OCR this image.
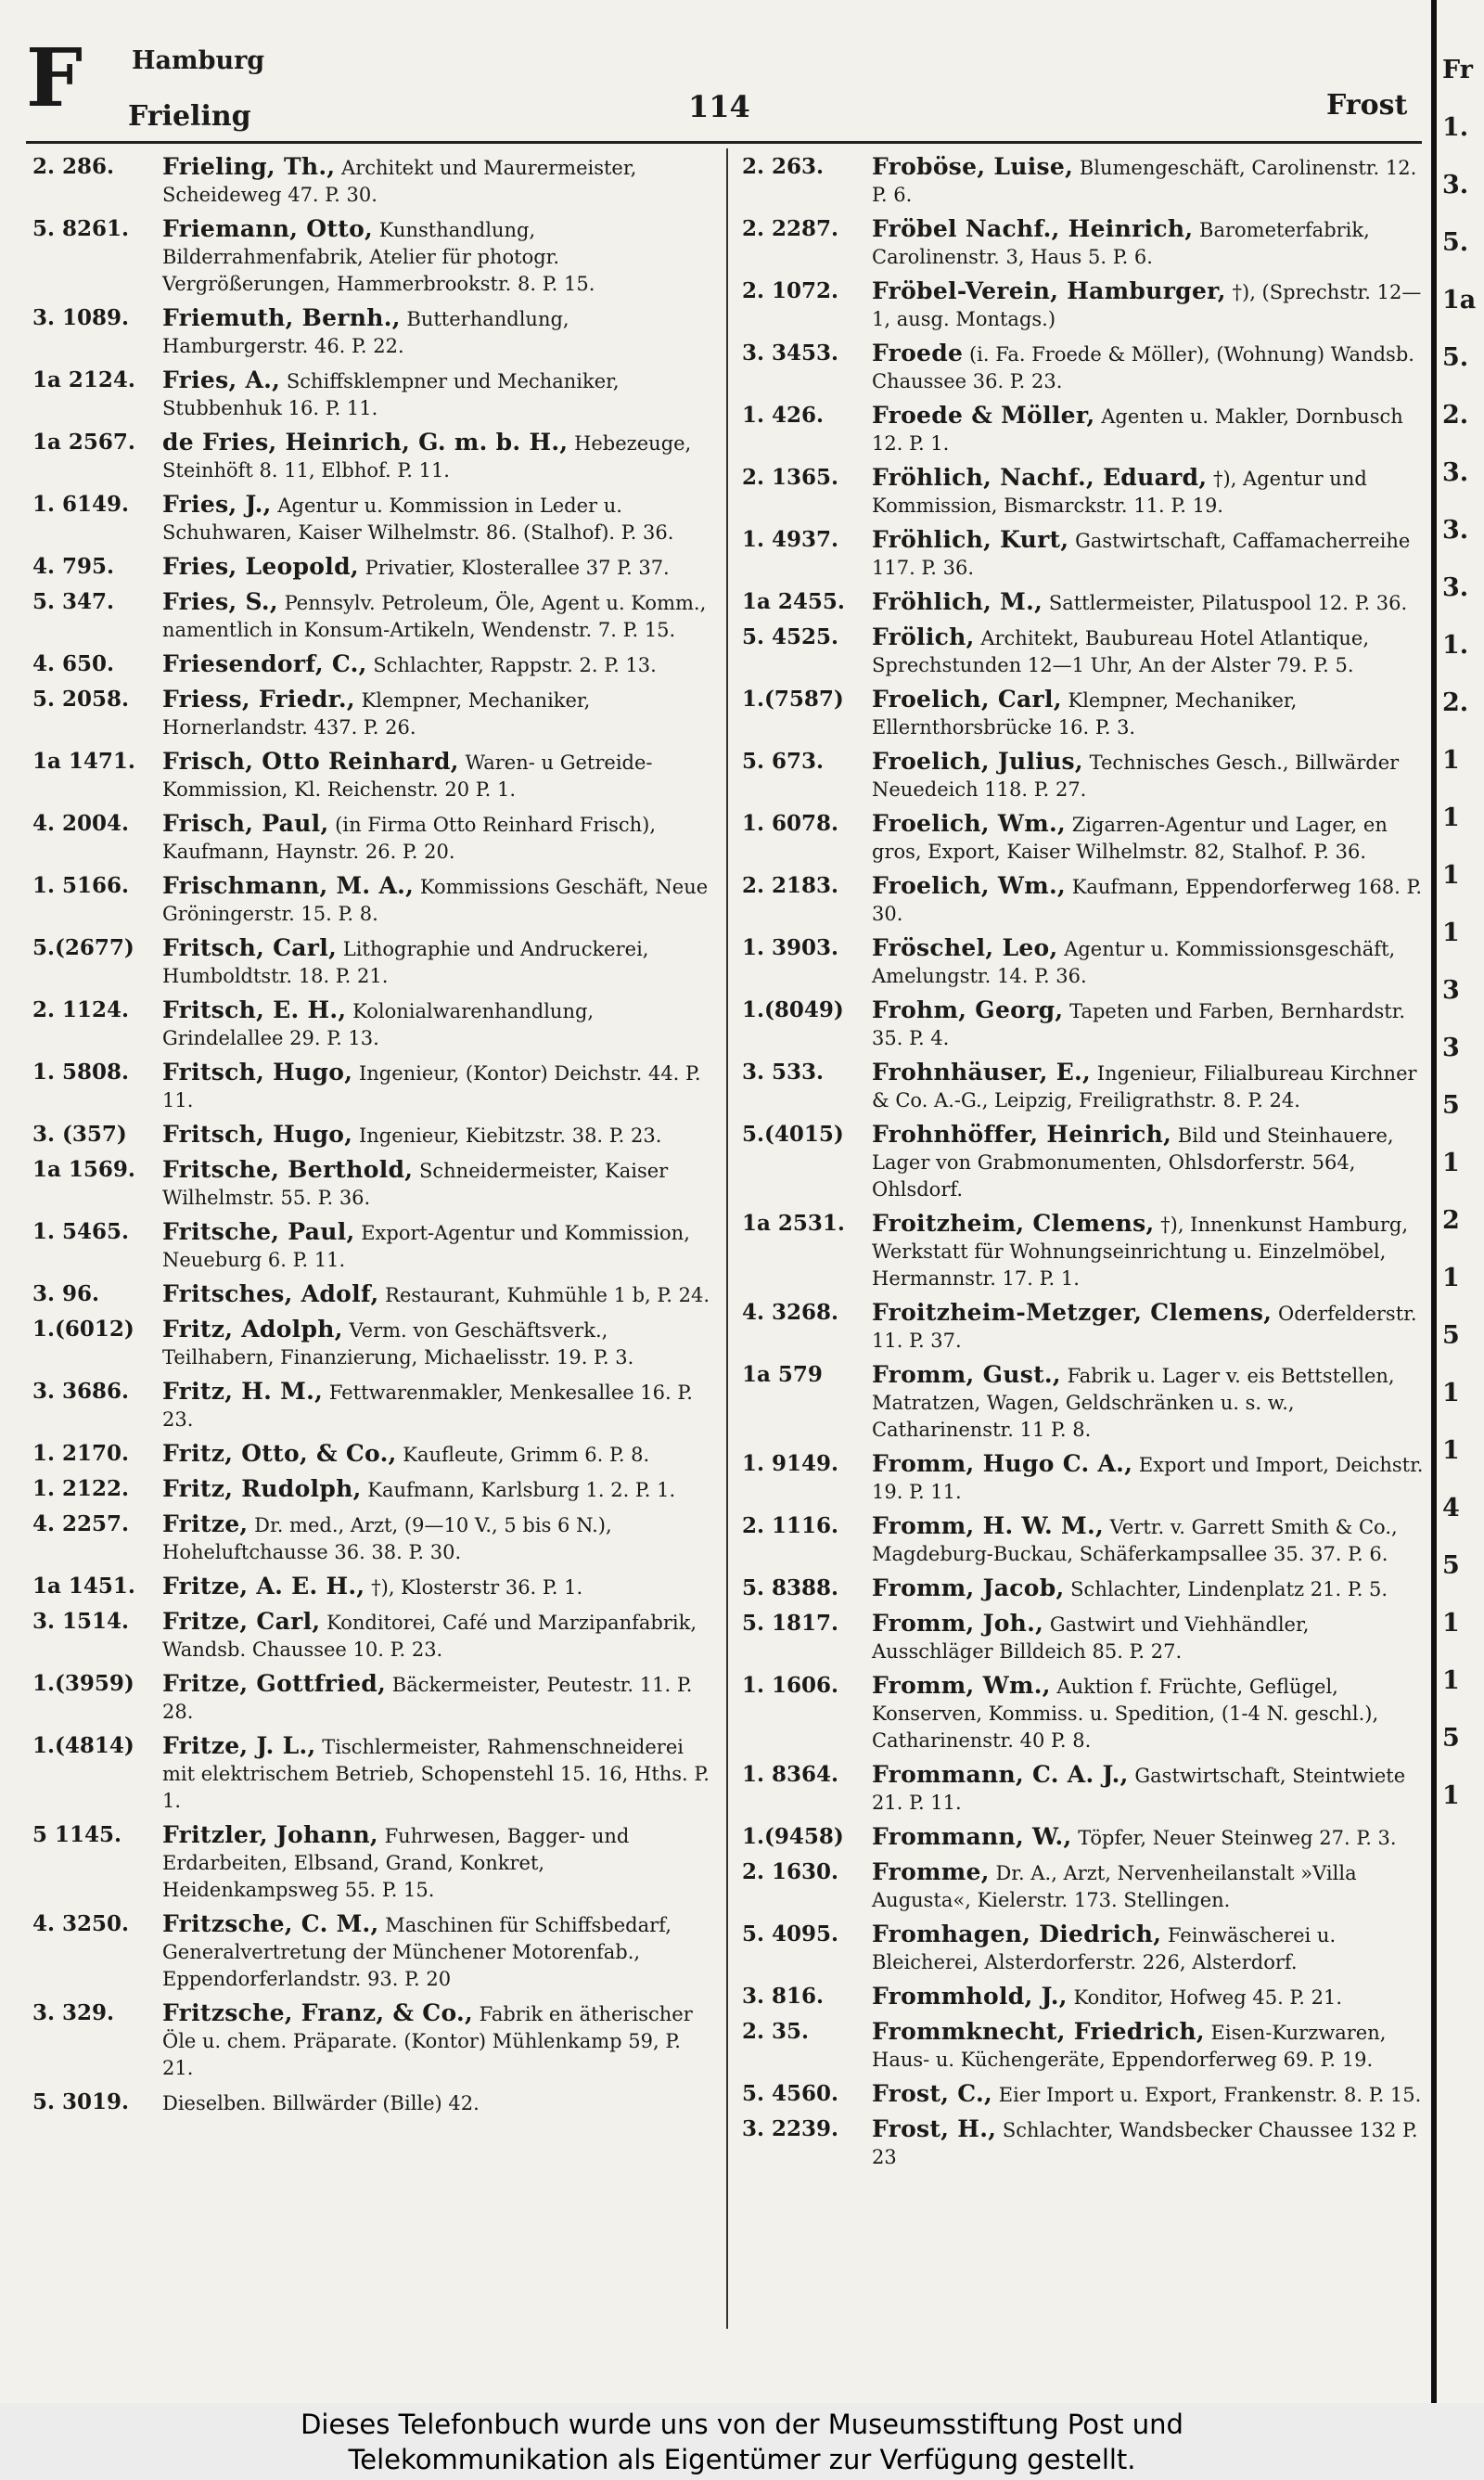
F Hamburg
Frieling	114	Frost
2. 286.	Frieling, Th., Architekt und Maurermeister, Scheideweg 47. P. 30.
5. 8261.	Friemann, Otto, Kunsthandlung, Bilderrahmenfabrik, Atelier für photogr. Vergrößerungen, Hammerbrookstr. 8. P. 15.
3. 1089.	Friemuth, Bernh., Butterhandlung, Hamburgerstr. 46. P. 22.
1a 2124.	Fries, A., Schiffsklempner und Mechaniker, Stubbenhuk 16. P. 11.
1a 2567.	de Fries, Heinrich, G. m. b. H., Hebezeuge, Steinhöft 8. 11, Elbhof. P. 11.
1. 6149.	Fries, J., Agentur u. Kommission in Leder u. Schuhwaren, Kaiser Wilhelmstr. 86. (Stalhof). P. 36.
4. 795.	Fries, Leopold, Privatier, Klosterallee 37 P. 37.
5. 347.	Fries, S., Pennsylv. Petroleum, Öle, Agent u. Komm., namentlich in Konsum-Artikeln, Wendenstr. 7. P. 15.
4. 650.	Friesendorf, C., Schlachter, Rappstr. 2. P. 13.
5. 2058.	Friess, Friedr., Klempner, Mechaniker, Hornerlandstr. 437. P. 26.
1a 1471.	Frisch, Otto Reinhard, Waren- u Getreide-Kommission, Kl. Reichenstr. 20 P. 1.
4. 2004.	Frisch, Paul, (in Firma Otto Reinhard Frisch), Kaufmann, Haynstr. 26. P. 20.
1. 5166.	Frischmann, M. A., Kommissions Geschäft, Neue Gröningerstr. 15. P. 8.
5.(2677)	Fritsch, Carl, Lithographie und Andruckerei, Humboldtstr. 18. P. 21.
2. 1124.	Fritsch, E. H., Kolonialwarenhandlung, Grindelallee 29. P. 13.
1. 5808.	Fritsch, Hugo, Ingenieur, (Kontor) Deichstr. 44. P. 11.
3. (357)	Fritsch, Hugo, Ingenieur, Kiebitzstr. 38. P. 23.
1a 1569.	Fritsche, Berthold, Schneidermeister, Kaiser Wilhelmstr. 55. P. 36.
1. 5465.	Fritsche, Paul, Export-Agentur und Kommission, Neueburg 6. P. 11.
3. 96.	Fritsches, Adolf, Restaurant, Kuhmühle 1 b, P. 24.
1.(6012)	Fritz, Adolph, Verm. von Geschäftsverk., Teilhabern, Finanzierung, Michaelisstr. 19. P. 3.
3. 3686.	Fritz, H. M., Fettwarenmakler, Menkesallee 16. P. 23.
1. 2170.	Fritz, Otto, & Co., Kaufleute, Grimm 6. P. 8.
1. 2122.	Fritz, Rudolph, Kaufmann, Karlsburg 1. 2. P. 1.
4. 2257.	Fritze, Dr. med., Arzt, (9—10 V., 5 bis 6 N.), Hoheluftchausse 36. 38. P. 30.
1a 1451.	Fritze, A. E. H., †), Klosterstr 36. P. 1.
3. 1514.	Fritze, Carl, Konditorei, Café und Marzipanfabrik, Wandsb. Chaussee 10. P. 23.
1.(3959)	Fritze, Gottfried, Bäckermeister, Peutestr. 11. P. 28.
1.(4814)	Fritze, J. L., Tischlermeister, Rahmenschneiderei mit elektrischem Betrieb, Schopenstehl 15. 16, Hths. P. 1.
5 1145.	Fritzler, Johann, Fuhrwesen, Bagger- und Erdarbeiten, Elbsand, Grand, Konkret, Heidenkampsweg 55. P. 15.
4. 3250.	Fritzsche, C. M., Maschinen für Schiffsbedarf, Generalvertretung der Münchener Motorenfab., Eppendorferlandstr. 93. P. 20
3. 329.	Fritzsche, Franz, & Co., Fabrik en ätherischer Öle u. chem. Präparate. (Kontor) Mühlenkamp 59, P. 21.
5. 3019.	Dieselben. Billwärder (Bille) 42.
2. 263.	Froböse, Luise, Blumengeschäft, Carolinenstr. 12. P. 6.
2. 2287.	Fröbel Nachf., Heinrich, Barometerfabrik, Carolinenstr. 3, Haus 5. P. 6.
2. 1072.	Fröbel-Verein, Hamburger, †), (Sprechstr. 12—1, ausg. Montags.)
3. 3453.	Froede (i. Fa. Froede & Möller), (Wohnung) Wandsb. Chaussee 36. P. 23.
1. 426.	Froede & Möller, Agenten u. Makler, Dornbusch 12. P. 1.
2. 1365.	Fröhlich, Nachf., Eduard, †), Agentur und Kommission, Bismarckstr. 11. P. 19.
1. 4937.	Fröhlich, Kurt, Gastwirtschaft, Caffamacherreihe 117. P. 36.
1a 2455.	Fröhlich, M., Sattlermeister, Pilatuspool 12. P. 36.
5. 4525.	Frölich, Architekt, Baubureau Hotel Atlantique, Sprechstunden 12—1 Uhr, An der Alster 79. P. 5.
1.(7587)	Froelich, Carl, Klempner, Mechaniker, Ellernthorsbrücke 16. P. 3.
5. 673.	Froelich, Julius, Technisches Gesch., Billwärder Neuedeich 118. P. 27.
1. 6078.	Froelich, Wm., Zigarren-Agentur und Lager, en gros, Export, Kaiser Wilhelmstr. 82, Stalhof. P. 36.
2. 2183.	Froelich, Wm., Kaufmann, Eppendorferweg 168. P. 30.
1. 3903.	Fröschel, Leo, Agentur u. Kommissionsgeschäft, Amelungstr. 14. P. 36.
1.(8049)	Frohm, Georg, Tapeten und Farben, Bernhardstr. 35. P. 4.
3. 533.	Frohnhäuser, E., Ingenieur, Filialbureau Kirchner & Co. A.-G., Leipzig, Freiligrathstr. 8. P. 24.
5.(4015)	Frohnhöffer, Heinrich, Bild und Steinhauere, Lager von Grabmonumenten, Ohlsdorferstr. 564, Ohlsdorf.
1a 2531.	Froitzheim, Clemens, †), Innenkunst Hamburg, Werkstatt für Wohnungseinrichtung u. Einzelmöbel, Hermannstr. 17. P. 1.
4. 3268.	Froitzheim-Metzger, Clemens, Oderfelderstr. 11. P. 37.
1a 579	Fromm, Gust., Fabrik u. Lager v. eis Bettstellen, Matratzen, Wagen, Geldschränken u. s. w., Catharinenstr. 11 P. 8.
1. 9149.	Fromm, Hugo C. A., Export und Import, Deichstr. 19. P. 11.
2. 1116.	Fromm, H. W. M., Vertr. v. Garrett Smith & Co., Magdeburg-Buckau, Schäferkampsallee 35. 37. P. 6.
5. 8388.	Fromm, Jacob, Schlachter, Lindenplatz 21. P. 5.
5. 1817.	Fromm, Joh., Gastwirt und Viehhändler, Ausschläger Billdeich 85. P. 27.
1. 1606.	Fromm, Wm., Auktion f. Früchte, Geflügel, Konserven, Kommiss. u. Spedition, (1-4 N. geschl.), Catharinenstr. 40 P. 8.
1. 8364.	Frommann, C. A. J., Gastwirtschaft, Steintwiete 21. P. 11.
1.(9458)	Frommann, W., Töpfer, Neuer Steinweg 27. P. 3.
2. 1630.	Fromme, Dr. A., Arzt, Nervenheilanstalt »Villa Augusta«, Kielerstr. 173. Stellingen.
5. 4095.	Fromhagen, Diedrich, Feinwäscherei u. Bleicherei, Alsterdorferstr. 226, Alsterdorf.
3. 816.	Frommhold, J., Konditor, Hofweg 45. P. 21.
2. 35.	Frommknecht, Friedrich, Eisen-Kurzwaren, Haus- u. Küchengeräte, Eppendorferweg 69. P. 19.
5. 4560.	Frost, C., Eier Import u. Export, Frankenstr. 8. P. 15.
3. 2239.	Frost, H., Schlachter, Wandsbecker Chaussee 132 P. 23
Fr
1.
3.
5.
1a
5.
2.
3.
3.
3.
1.
2.
1
1
1
1
3
3
5
1
2
1
5
1
1
4
5
1
1
5
1

Dieses Telefonbuch wurde uns von der Museumsstiftung Post und

Telekommunikation als Eigentümer zur Verfügung gestellt.
